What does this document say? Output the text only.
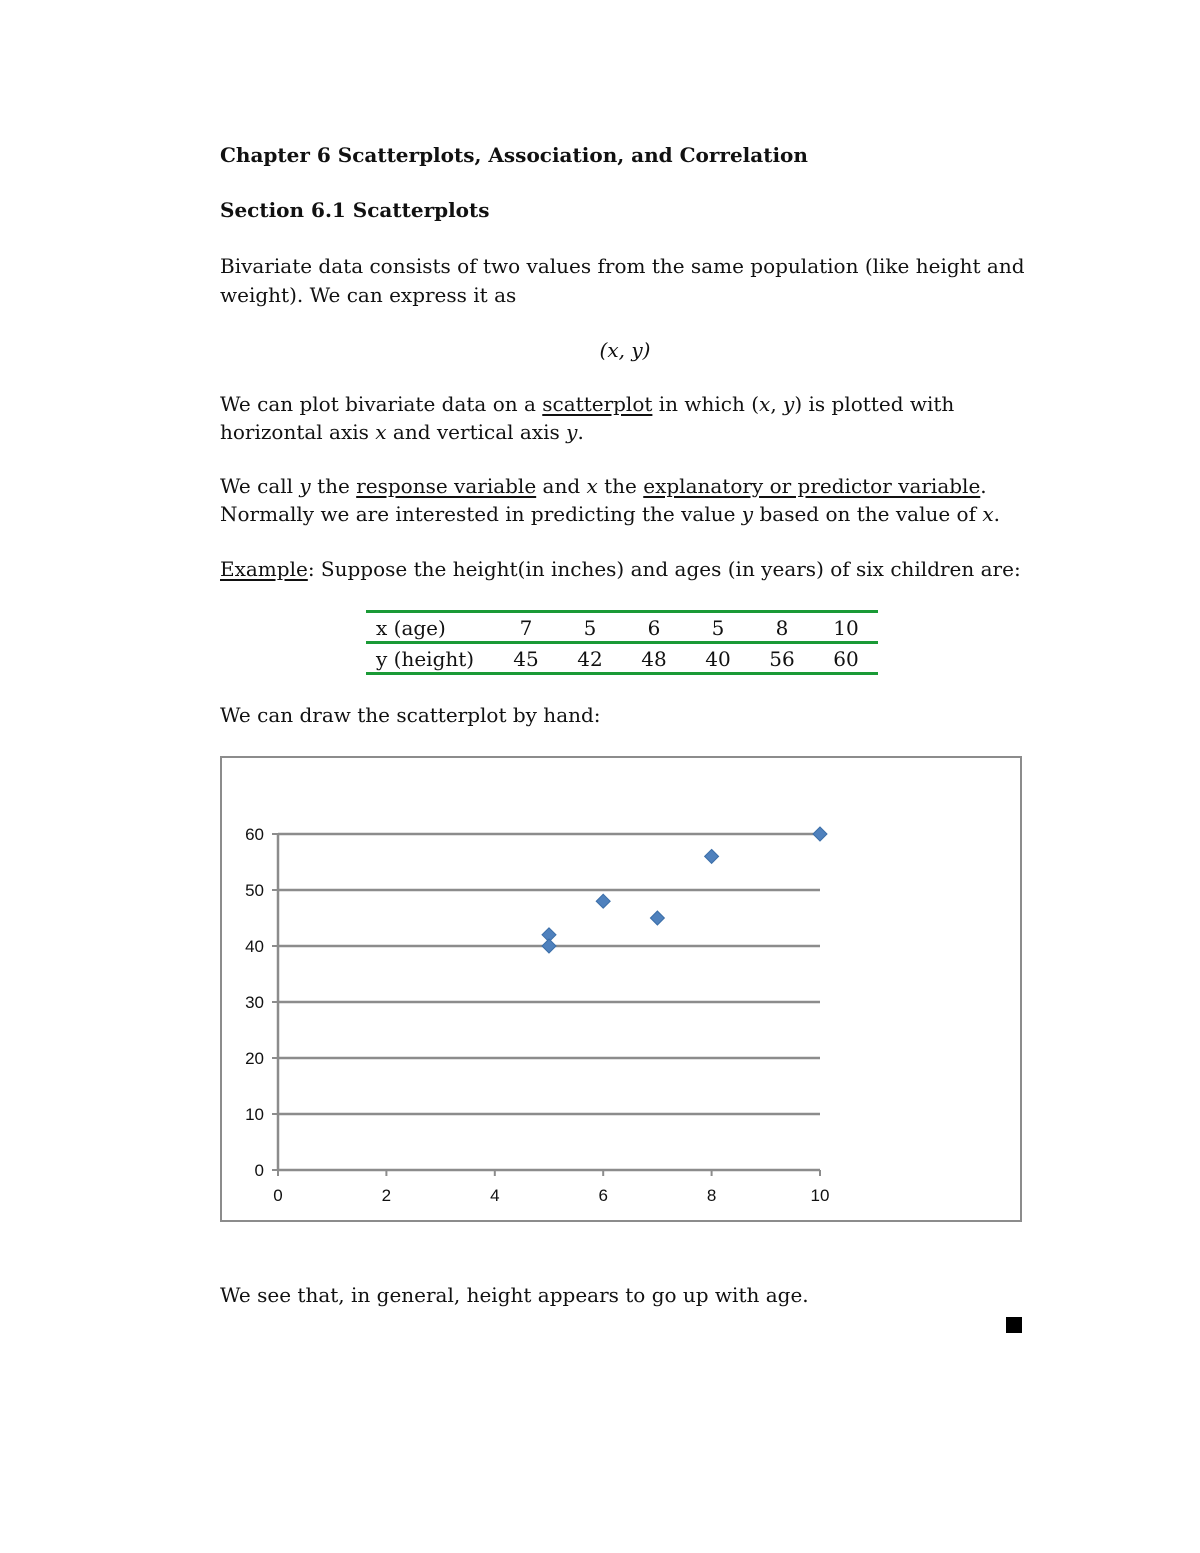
Chapter 6 Scatterplots, Association, and Correlation

Section 6.1 Scatterplots

Bivariate data consists of two values from the same population (like height and

weight). We can express it as

(x, y)

We can plot bivariate data on a scatterplot in which (x, y) is plotted with

horizontal axis x and vertical axis y.

We call y the response variable and x the explanatory or predictor variable.

Normally we are interested in predicting the value y based on the value of x.

Example: Suppose the height(in inches) and ages (in years) of six children are:

x (age)	7	5	6	5	8	10
y (height)	45	42	48	40	56	60

We can draw the scatterplot by hand:

0
10
20
30
40
50
60
0	2	4	6	8	10

We see that, in general, height appears to go up with age.
